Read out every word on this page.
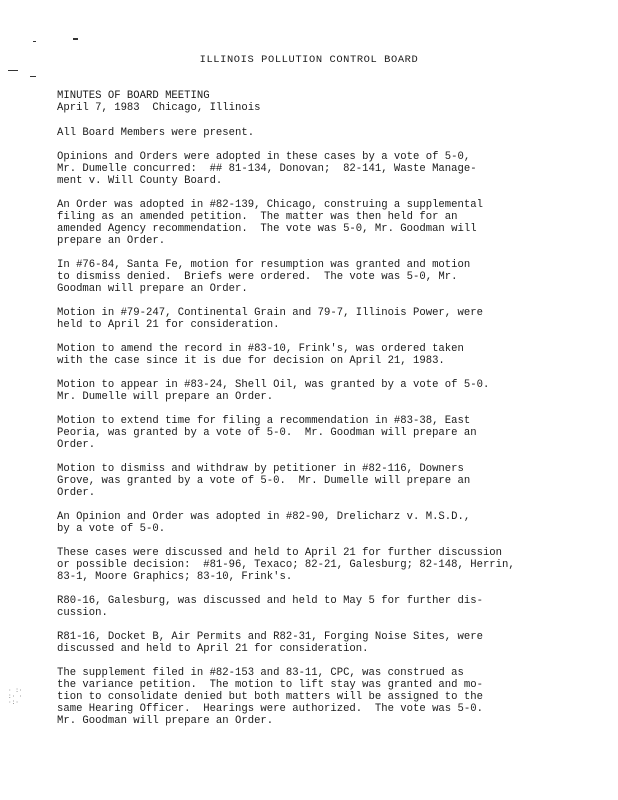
· :·
:· ·
·:·
ILLINOIS POLLUTION CONTROL BOARD
MINUTES OF BOARD MEETING
April 7, 1983  Chicago, Illinois
All Board Members were present.
Opinions and Orders were adopted in these cases by a vote of 5-0,
Mr. Dumelle concurred:  ## 81-134, Donovan;  82-141, Waste Manage-
ment v. Will County Board.
An Order was adopted in #82-139, Chicago, construing a supplemental
filing as an amended petition.  The matter was then held for an
amended Agency recommendation.  The vote was 5-0, Mr. Goodman will
prepare an Order.
In #76-84, Santa Fe, motion for resumption was granted and motion
to dismiss denied.  Briefs were ordered.  The vote was 5-0, Mr.
Goodman will prepare an Order.
Motion in #79-247, Continental Grain and 79-7, Illinois Power, were
held to April 21 for consideration.
Motion to amend the record in #83-10, Frink's, was ordered taken
with the case since it is due for decision on April 21, 1983.
Motion to appear in #83-24, Shell Oil, was granted by a vote of 5-0.
Mr. Dumelle will prepare an Order.
Motion to extend time for filing a recommendation in #83-38, East
Peoria, was granted by a vote of 5-0.  Mr. Goodman will prepare an
Order.
Motion to dismiss and withdraw by petitioner in #82-116, Downers
Grove, was granted by a vote of 5-0.  Mr. Dumelle will prepare an
Order.
An Opinion and Order was adopted in #82-90, Drelicharz v. M.S.D.,
by a vote of 5-0.
These cases were discussed and held to April 21 for further discussion
or possible decision:  #81-96, Texaco; 82-21, Galesburg; 82-148, Herrin,
83-1, Moore Graphics; 83-10, Frink's.
R80-16, Galesburg, was discussed and held to May 5 for further dis-
cussion.
R81-16, Docket B, Air Permits and R82-31, Forging Noise Sites, were
discussed and held to April 21 for consideration.
The supplement filed in #82-153 and 83-11, CPC, was construed as
the variance petition.  The motion to lift stay was granted and mo-
tion to consolidate denied but both matters will be assigned to the
same Hearing Officer.  Hearings were authorized.  The vote was 5-0.
Mr. Goodman will prepare an Order.
